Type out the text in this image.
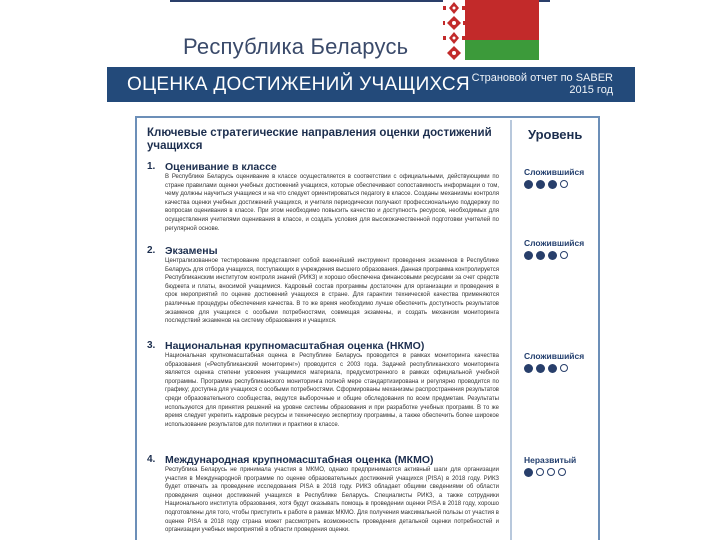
Республика Беларусь
ОЦЕНКА ДОСТИЖЕНИЙ УЧАЩИХСЯ Страновой отчет по SABER
2015 год
Ключевые стратегические направления оценки достижений учащихся
Уровень
1. Оценивание в классе
В Республике Беларусь оценивание в классе осуществляется в соответствии с официальными, действующими по стране правилами оценки учебных достижений учащихся, которые обеспечивают сопоставимость информации о том, чему должны научиться учащиеся и на что следует ориентироваться педагогу в классе. Созданы механизмы контроля качества оценки учебных достижений учащихся, и учителя периодически получают профессиональную поддержку по вопросам оценивания в классе. При этом необходимо повысить качество и доступность ресурсов, необходимых для осуществления учителями оценивания в классе, и создать условия для высококачественной подготовки учителей по регулярной основе.
Сложившийся
2. Экзамены
Централизованное тестирование представляет собой важнейший инструмент проведения экзаменов в Республике Беларусь для отбора учащихся, поступающих в учреждения высшего образования. Данная программа контролируется Республиканским институтом контроля знаний (РИКЗ) и хорошо обеспечена финансовыми ресурсами за счет средств бюджета и платы, вносимой учащимися. Кадровый состав программы достаточен для организации и проведения в срок мероприятий по оценке достижений учащихся в стране. Для гарантии технической качества применяются различные процедуры обеспечения качества. В то же время необходимо лучше обеспечить доступность результатов экзаменов для учащихся с особыми потребностями, совмещая экзамены, и создать механизм мониторинга последствий экзаменов на систему образования и учащихся.
Сложившийся
3. Национальная крупномасштабная оценка (НКМО)
Национальная крупномасштабная оценка в Республике Беларусь проводится в рамках мониторинга качества образования («Республиканский мониторинг») проводится с 2003 года. Задачей республиканского мониторинга является оценка степени усвоения учащимися материала, предусмотренного в рамках официальной учебной программы. Программа республиканского мониторинга полной мере стандартизирована и регулярно проводится по графику; доступна для учащихся с особыми потребностями. Сформированы механизмы распространения результатов среди образовательного сообщества, ведутся выборочные и общие обследования по всем предметам. Результаты используются для принятия решений на уровне системы образования и при разработке учебных программ. В то же время следует укрепить кадровые ресурсы и техническую экспертизу программы, а также обеспечить более широкое использование результатов для политики и практики в классе.
Сложившийся
4. Международная крупномасштабная оценка (МКМО)
Республика Беларусь не принимала участия в МКМО, однако предпринимается активный шаги для организации участия в Международной программе по оценке образовательных достижений учащихся (PISA) в 2018 году. РИКЗ будет отвечать за проведение исследования PISA в 2018 году. РИКЗ обладает общими сведениями об области проведения оценки достижений учащихся в Республике Беларусь. Специалисты РИКЗ, а также сотрудники Национального института образования, хотя будут оказывать помощь в проведении оценки PISA в 2018 году, хорошо подготовлены для того, чтобы приступить к работе в рамках МКМО. Для получения максимальной пользы от участия в оценке PISA в 2018 году страна может рассмотреть возможность проведения детальной оценки потребностей и организации учебных мероприятий в области проведения оценки.
Неразвитый
